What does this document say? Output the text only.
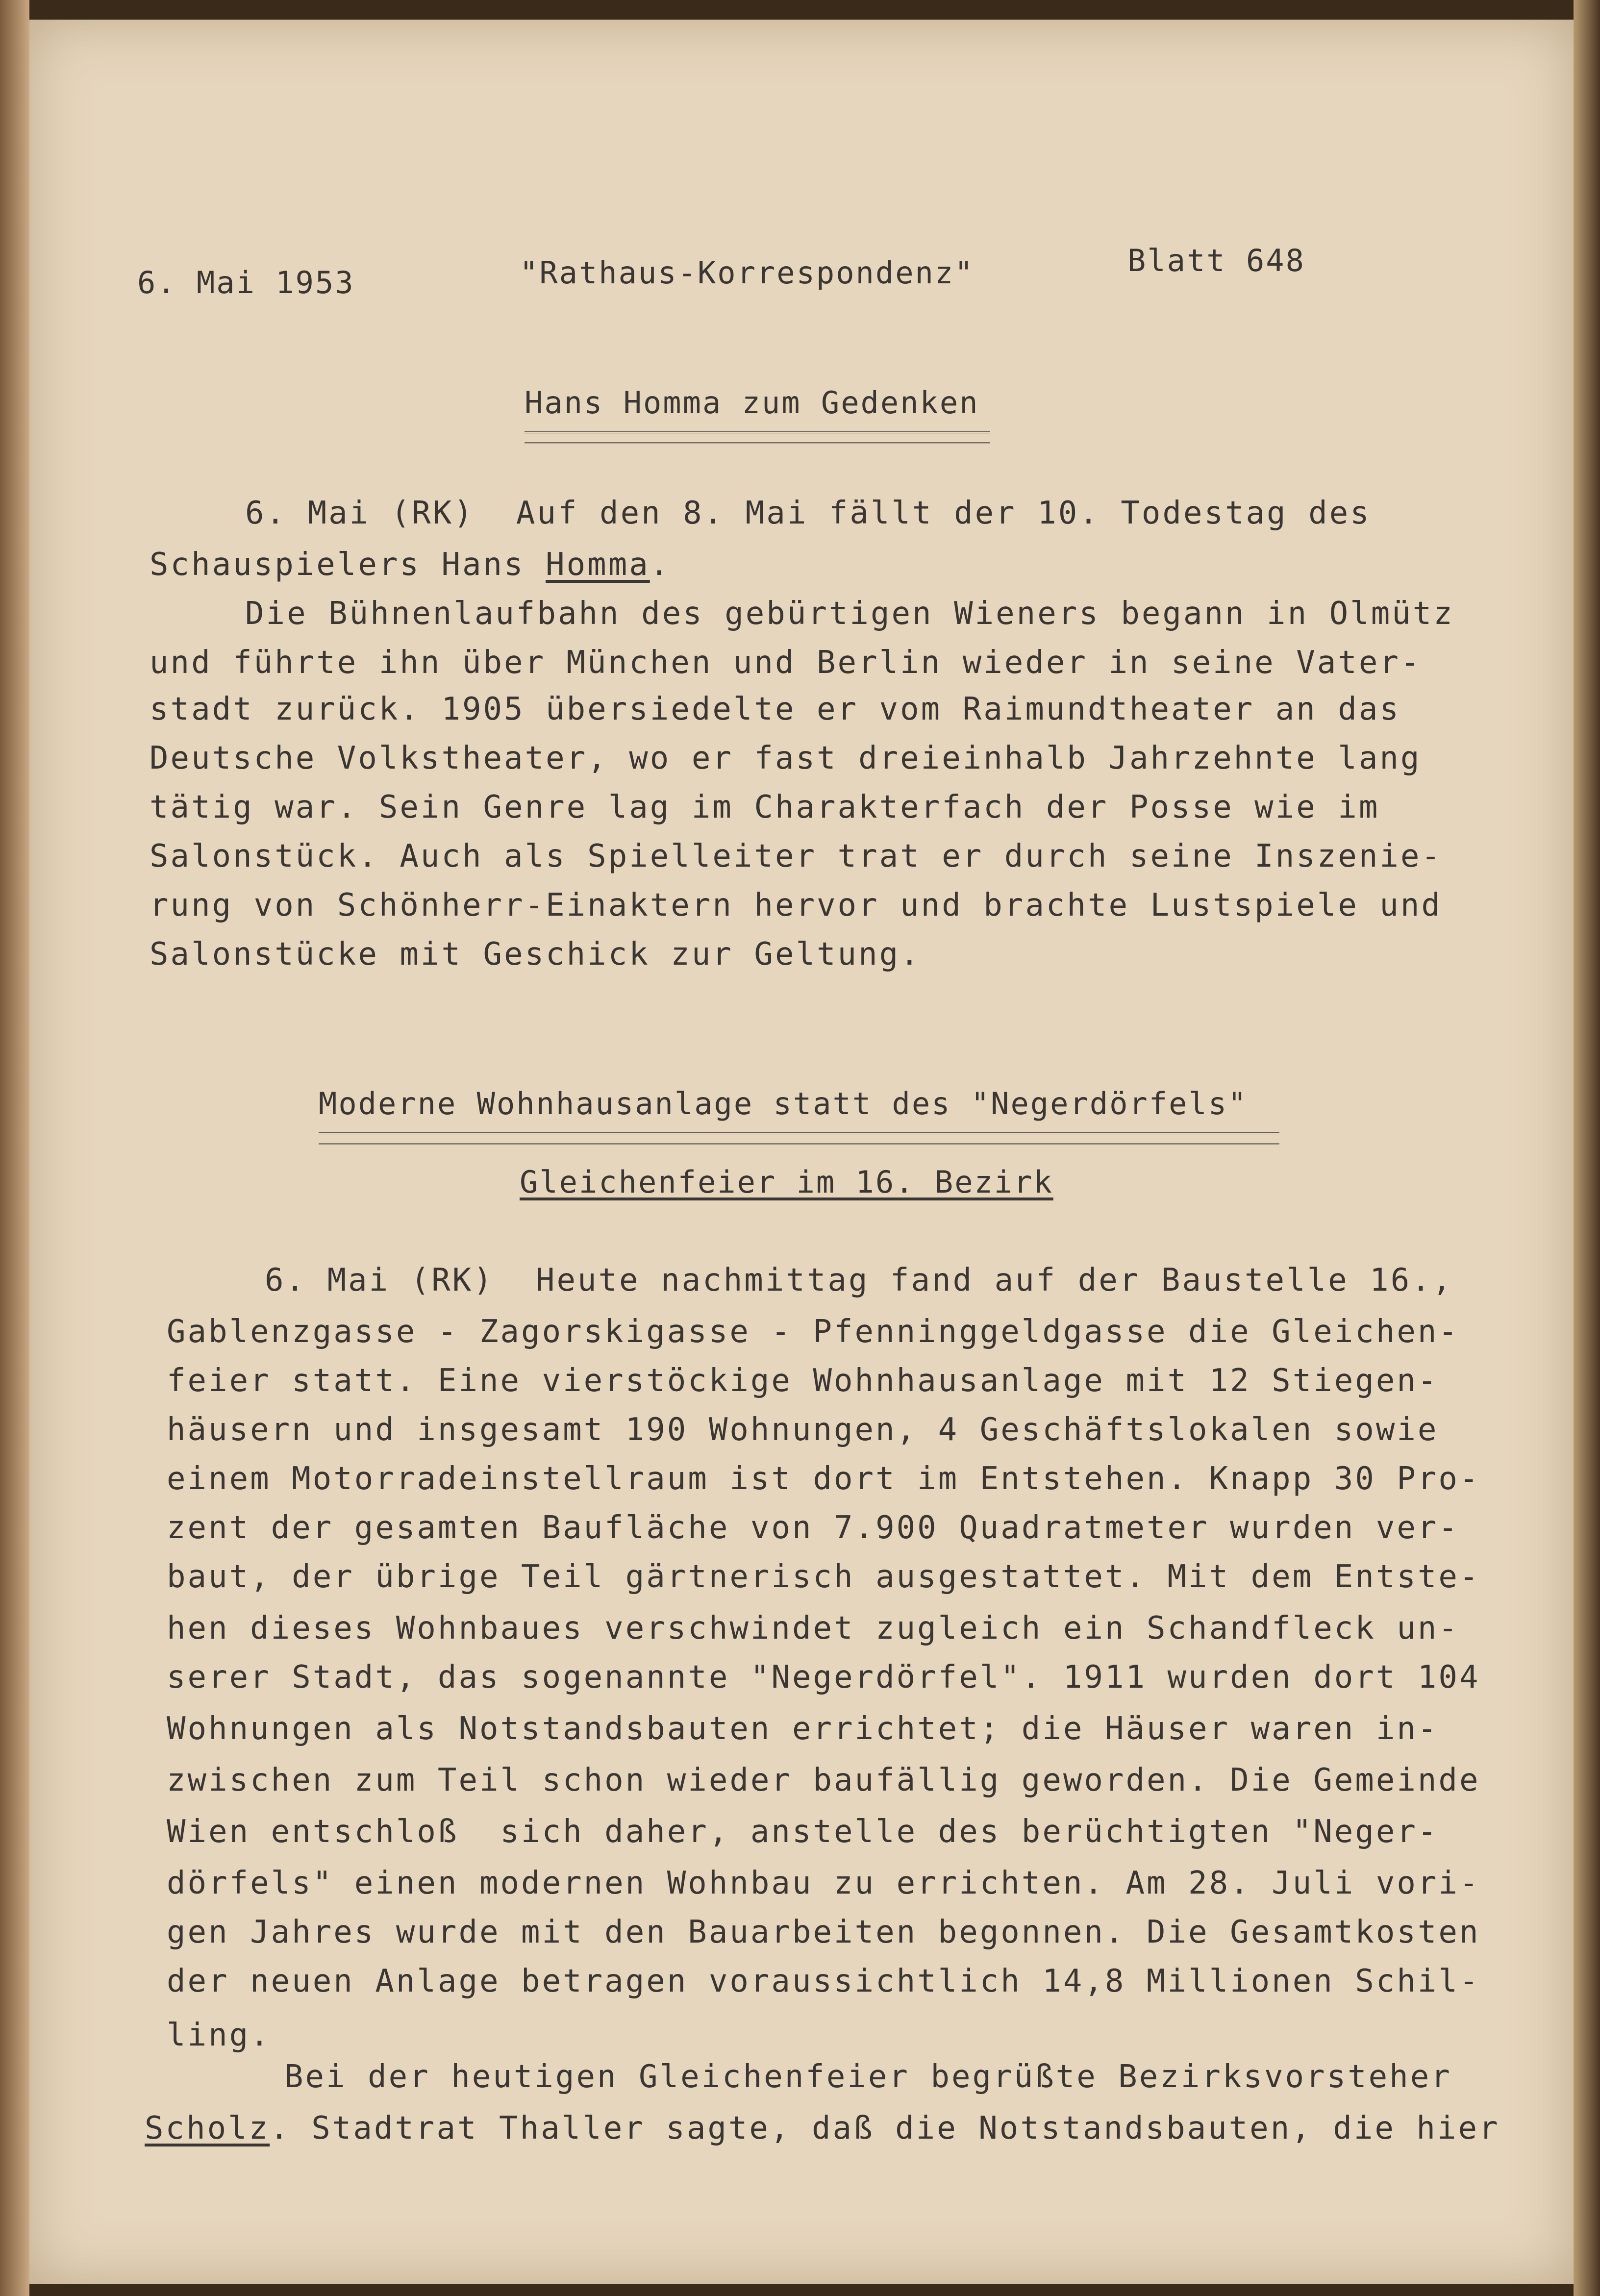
6. Mai 1953	"Rathaus-Korrespondenz"	Blatt 648
Hans Homma zum Gedenken
6. Mai (RK)  Auf den 8. Mai fällt der 10. Todestag des
Schauspielers Hans Homma.
Die Bühnenlaufbahn des gebürtigen Wieners begann in Olmütz
und führte ihn über München und Berlin wieder in seine Vater-
stadt zurück. 1905 übersiedelte er vom Raimundtheater an das
Deutsche Volkstheater, wo er fast dreieinhalb Jahrzehnte lang
tätig war. Sein Genre lag im Charakterfach der Posse wie im
Salonstück. Auch als Spielleiter trat er durch seine Inszenie-
rung von Schönherr-Einaktern hervor und brachte Lustspiele und
Salonstücke mit Geschick zur Geltung.
Moderne Wohnhausanlage statt des "Negerdörfels"
Gleichenfeier im 16. Bezirk
6. Mai (RK)  Heute nachmittag fand auf der Baustelle 16.,
Gablenzgasse - Zagorskigasse - Pfenninggeldgasse die Gleichen-
feier statt. Eine vierstöckige Wohnhausanlage mit 12 Stiegen-
häusern und insgesamt 190 Wohnungen, 4 Geschäftslokalen sowie
einem Motorradeinstellraum ist dort im Entstehen. Knapp 30 Pro-
zent der gesamten Baufläche von 7.900 Quadratmeter wurden ver-
baut, der übrige Teil gärtnerisch ausgestattet. Mit dem Entste-
hen dieses Wohnbaues verschwindet zugleich ein Schandfleck un-
serer Stadt, das sogenannte "Negerdörfel". 1911 wurden dort 104
Wohnungen als Notstandsbauten errichtet; die Häuser waren in-
zwischen zum Teil schon wieder baufällig geworden. Die Gemeinde
Wien entschloß  sich daher, anstelle des berüchtigten "Neger-
dörfels" einen modernen Wohnbau zu errichten. Am 28. Juli vori-
gen Jahres wurde mit den Bauarbeiten begonnen. Die Gesamtkosten
der neuen Anlage betragen voraussichtlich 14,8 Millionen Schil-
ling.
Bei der heutigen Gleichenfeier begrüßte Bezirksvorsteher
Scholz. Stadtrat Thaller sagte, daß die Notstandsbauten, die hier
